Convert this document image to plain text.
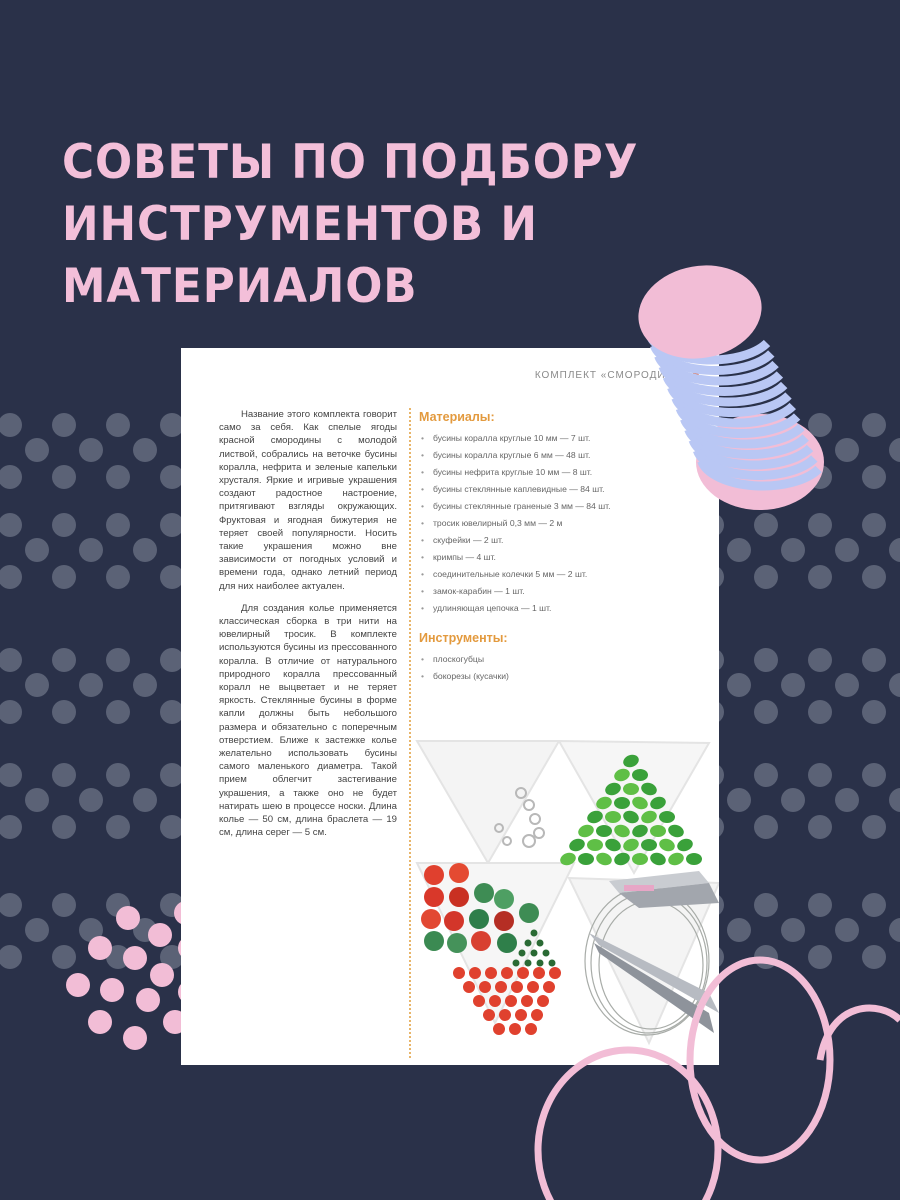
СОВЕТЫ ПО ПОДБОРУ
ИНСТРУМЕНТОВ И МАТЕРИАЛОВ
КОМПЛЕКТ «СМОРОДИНА»

Название этого комплекта говорит само за себя. Как спелые ягоды красной смородины с молодой листвой, собрались на веточке бусины коралла, нефрита и зеленые капельки хрусталя. Яркие и игривые украшения создают радостное настроение, притягивают взгляды окружающих. Фруктовая и ягодная бижутерия не теряет своей популярности. Носить такие украшения можно вне зависимости от погодных условий и времени года, однако летний период для них наиболее актуален.

Для создания колье применяется классическая сборка в три нити на ювелирный тросик. В комплекте используются бусины из прессованного коралла. В отличие от натурального природного коралла прессованный коралл не выцветает и не теряет яркость. Стеклянные бусины в форме капли должны быть небольшого размера и обязательно с поперечным отверстием. Ближе к застежке колье желательно использовать бусины самого маленького диаметра. Такой прием облегчит застегивание украшения, а также оно не будет натирать шею в процессе носки. Длина колье — 50 см, длина браслета — 19 см, длина серег — 5 см.

Материалы:
• бусины коралла круглые 10 мм — 7 шт.
• бусины коралла круглые 6 мм — 48 шт.
• бусины нефрита круглые 10 мм — 8 шт.
• бусины стеклянные каплевидные — 84 шт.
• бусины стеклянные граненые 3 мм — 84 шт.
• тросик ювелирный 0,3 мм — 2 м
• скуфейки — 2 шт.
• кримпы — 4 шт.
• соединительные колечки 5 мм — 2 шт.
• замок-карабин — 1 шт.
• удлиняющая цепочка — 1 шт.
Инструменты:
• плоскогубцы
• бокорезы (кусачки)
